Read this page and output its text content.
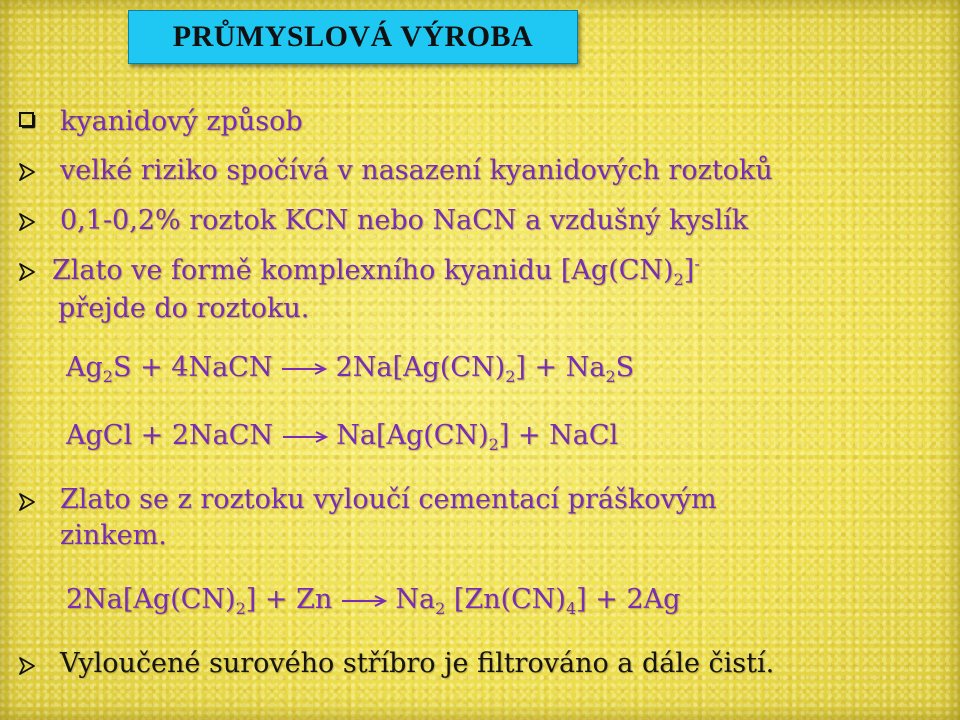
PRŮMYSLOVÁ VÝROBA
kyanidový způsob
velké riziko spočívá v nasazení kyanidových roztoků
0,1-0,2% roztok KCN nebo NaCN a vzdušný kyslík
Zlato ve formě komplexního kyanidu $[Ag(CN)_2]^-$
přejde do roztoku.
$Ag_2S$ + 4NaCN → $2Na[Ag(CN)_2] + Na_2S$
AgCl + 2NaCN → $Na[Ag(CN)_2]$ + NaCl
Zlato se z roztoku vyloučí cementací práškovým
zinkem.
$2Na[Ag(CN)_2] + Zn \to Na_2$ $[Zn(CN)_4] + 2Ag$
Vyloučené surového stříbro je filtrováno a dále čistí.
